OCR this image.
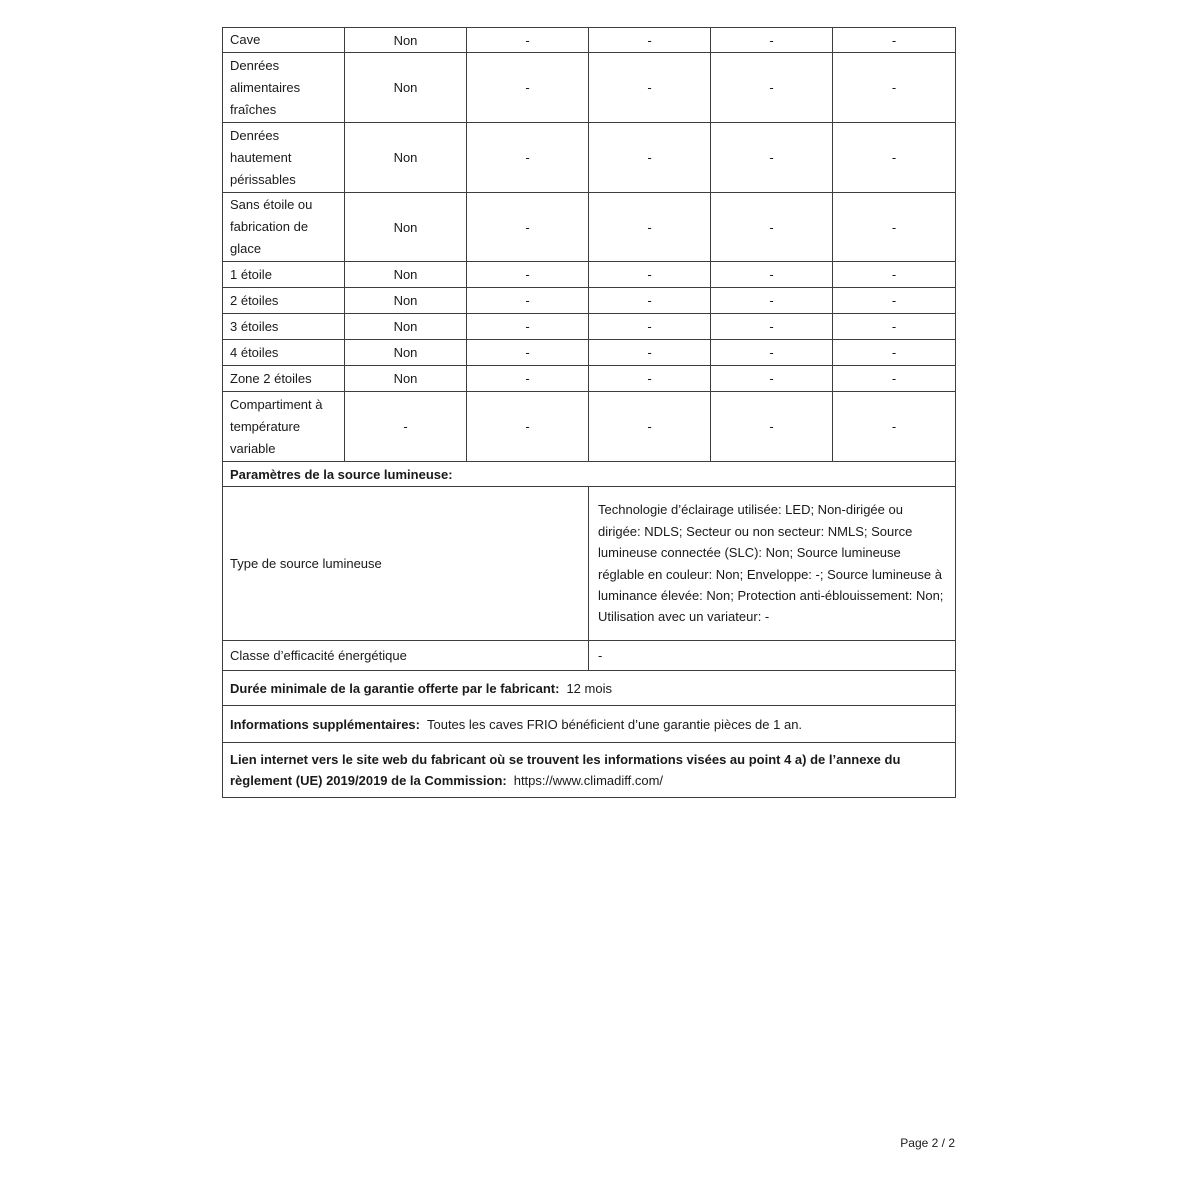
Cave	Non	-	-	-	-
Denrées alimentaires fraîches	Non	-	-	-	-
Denrées hautement périssables	Non	-	-	-	-
Sans étoile ou fabrication de glace	Non	-	-	-	-
1 étoile	Non	-	-	-	-
2 étoiles	Non	-	-	-	-
3 étoiles	Non	-	-	-	-
4 étoiles	Non	-	-	-	-
Zone 2 étoiles	Non	-	-	-	-
Compartiment à température variable	-	-	-	-	-
Paramètres de la source lumineuse:					
Type de source lumineuse			Technologie d’éclairage utilisée: LED; Non-dirigée ou dirigée: NDLS; Secteur ou non secteur: NMLS; Source lumineuse connectée (SLC): Non; Source lumineuse réglable en couleur: Non; Enveloppe: -; Source lumineuse à luminance élevée: Non; Protection anti-éblouissement: Non; Utilisation avec un variateur: -		
Classe d’efficacité énergétique			-		
Durée minimale de la garantie offerte par le fabricant: 12 mois					
Informations supplémentaires: Toutes les caves FRIO bénéficient d’une garantie pièces de 1 an.					
Lien internet vers le site web du fabricant où se trouvent les informations visées au point 4 a) de l’annexe du règlement (UE) 2019/2019 de la Commission: https://www.climadiff.com/					
Page 2 / 2
